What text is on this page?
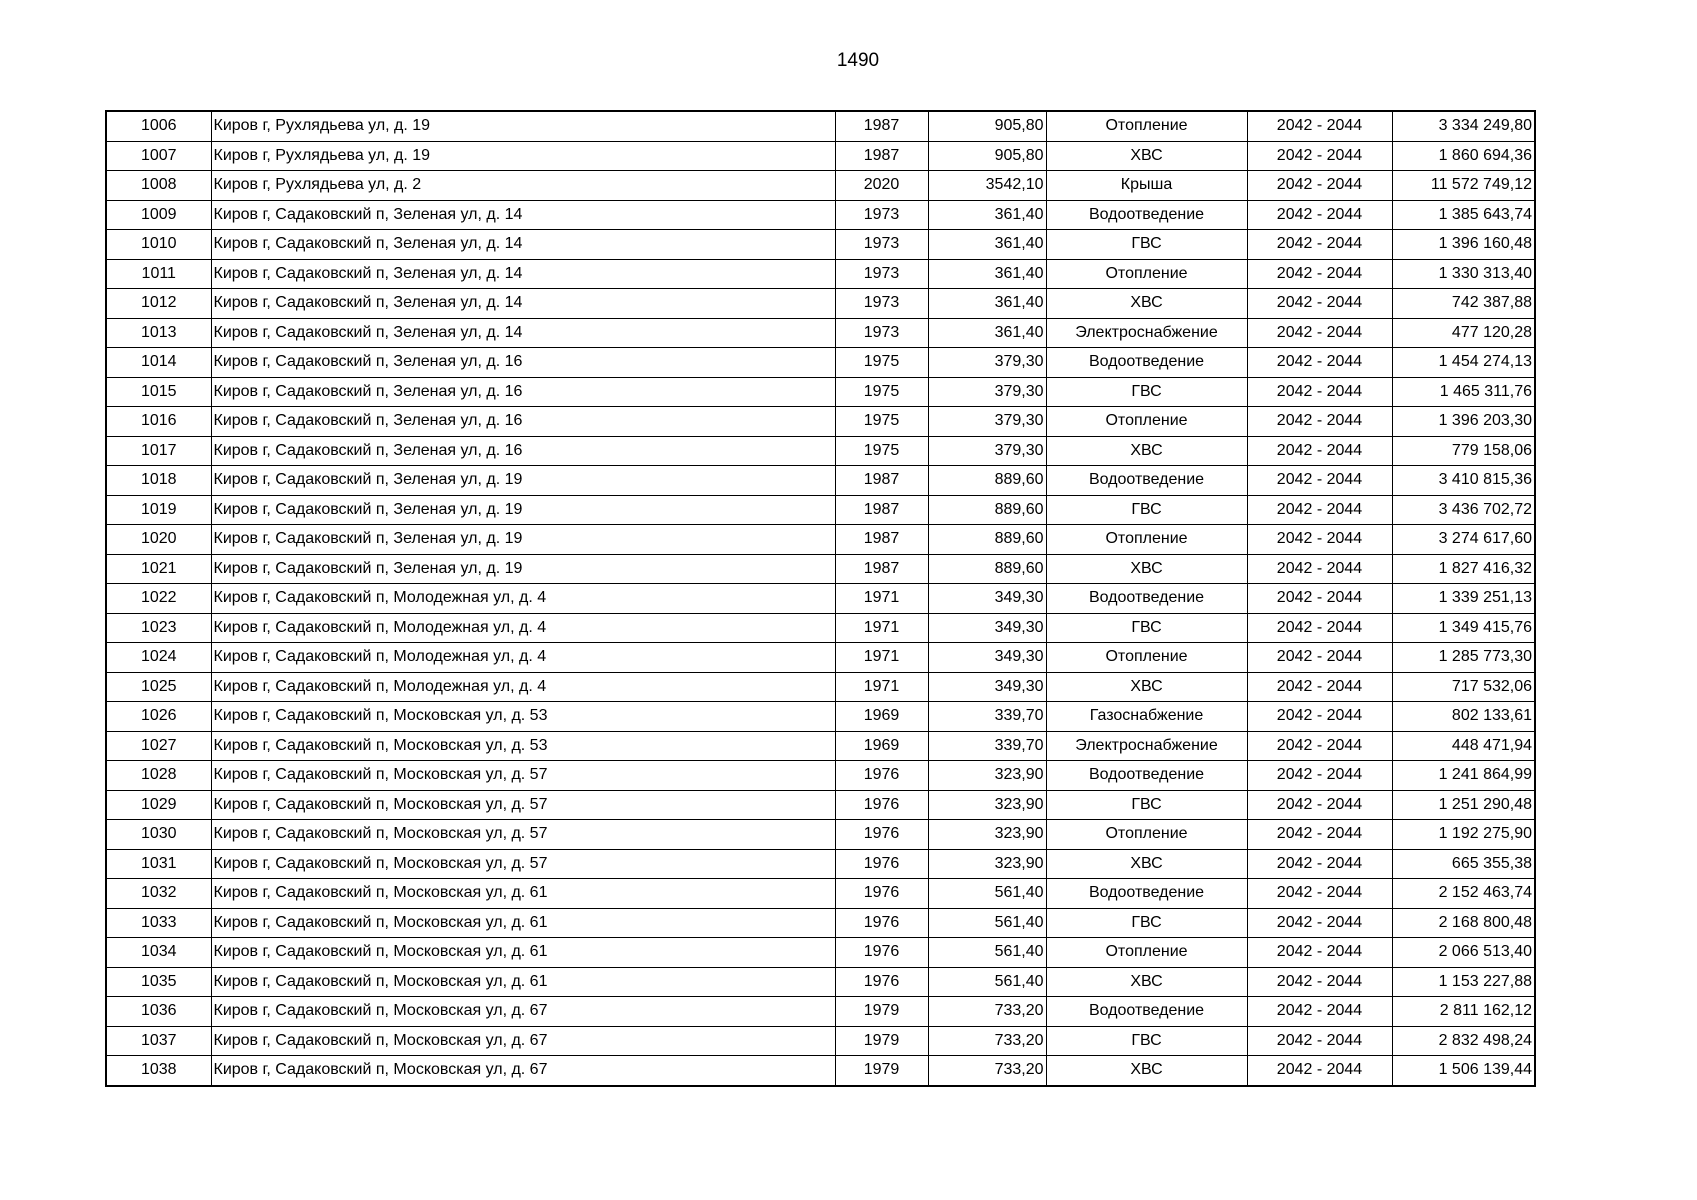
1490
1006	Киров г, Рухлядьева ул, д. 19	1987	905,80	Отопление	2042 - 2044	3 334 249,80
1007	Киров г, Рухлядьева ул, д. 19	1987	905,80	ХВС	2042 - 2044	1 860 694,36
1008	Киров г, Рухлядьева ул, д. 2	2020	3542,10	Крыша	2042 - 2044	11 572 749,12
1009	Киров г, Садаковский п, Зеленая ул, д. 14	1973	361,40	Водоотведение	2042 - 2044	1 385 643,74
1010	Киров г, Садаковский п, Зеленая ул, д. 14	1973	361,40	ГВС	2042 - 2044	1 396 160,48
1011	Киров г, Садаковский п, Зеленая ул, д. 14	1973	361,40	Отопление	2042 - 2044	1 330 313,40
1012	Киров г, Садаковский п, Зеленая ул, д. 14	1973	361,40	ХВС	2042 - 2044	742 387,88
1013	Киров г, Садаковский п, Зеленая ул, д. 14	1973	361,40	Электроснабжение	2042 - 2044	477 120,28
1014	Киров г, Садаковский п, Зеленая ул, д. 16	1975	379,30	Водоотведение	2042 - 2044	1 454 274,13
1015	Киров г, Садаковский п, Зеленая ул, д. 16	1975	379,30	ГВС	2042 - 2044	1 465 311,76
1016	Киров г, Садаковский п, Зеленая ул, д. 16	1975	379,30	Отопление	2042 - 2044	1 396 203,30
1017	Киров г, Садаковский п, Зеленая ул, д. 16	1975	379,30	ХВС	2042 - 2044	779 158,06
1018	Киров г, Садаковский п, Зеленая ул, д. 19	1987	889,60	Водоотведение	2042 - 2044	3 410 815,36
1019	Киров г, Садаковский п, Зеленая ул, д. 19	1987	889,60	ГВС	2042 - 2044	3 436 702,72
1020	Киров г, Садаковский п, Зеленая ул, д. 19	1987	889,60	Отопление	2042 - 2044	3 274 617,60
1021	Киров г, Садаковский п, Зеленая ул, д. 19	1987	889,60	ХВС	2042 - 2044	1 827 416,32
1022	Киров г, Садаковский п, Молодежная ул, д. 4	1971	349,30	Водоотведение	2042 - 2044	1 339 251,13
1023	Киров г, Садаковский п, Молодежная ул, д. 4	1971	349,30	ГВС	2042 - 2044	1 349 415,76
1024	Киров г, Садаковский п, Молодежная ул, д. 4	1971	349,30	Отопление	2042 - 2044	1 285 773,30
1025	Киров г, Садаковский п, Молодежная ул, д. 4	1971	349,30	ХВС	2042 - 2044	717 532,06
1026	Киров г, Садаковский п, Московская ул, д. 53	1969	339,70	Газоснабжение	2042 - 2044	802 133,61
1027	Киров г, Садаковский п, Московская ул, д. 53	1969	339,70	Электроснабжение	2042 - 2044	448 471,94
1028	Киров г, Садаковский п, Московская ул, д. 57	1976	323,90	Водоотведение	2042 - 2044	1 241 864,99
1029	Киров г, Садаковский п, Московская ул, д. 57	1976	323,90	ГВС	2042 - 2044	1 251 290,48
1030	Киров г, Садаковский п, Московская ул, д. 57	1976	323,90	Отопление	2042 - 2044	1 192 275,90
1031	Киров г, Садаковский п, Московская ул, д. 57	1976	323,90	ХВС	2042 - 2044	665 355,38
1032	Киров г, Садаковский п, Московская ул, д. 61	1976	561,40	Водоотведение	2042 - 2044	2 152 463,74
1033	Киров г, Садаковский п, Московская ул, д. 61	1976	561,40	ГВС	2042 - 2044	2 168 800,48
1034	Киров г, Садаковский п, Московская ул, д. 61	1976	561,40	Отопление	2042 - 2044	2 066 513,40
1035	Киров г, Садаковский п, Московская ул, д. 61	1976	561,40	ХВС	2042 - 2044	1 153 227,88
1036	Киров г, Садаковский п, Московская ул, д. 67	1979	733,20	Водоотведение	2042 - 2044	2 811 162,12
1037	Киров г, Садаковский п, Московская ул, д. 67	1979	733,20	ГВС	2042 - 2044	2 832 498,24
1038	Киров г, Садаковский п, Московская ул, д. 67	1979	733,20	ХВС	2042 - 2044	1 506 139,44
